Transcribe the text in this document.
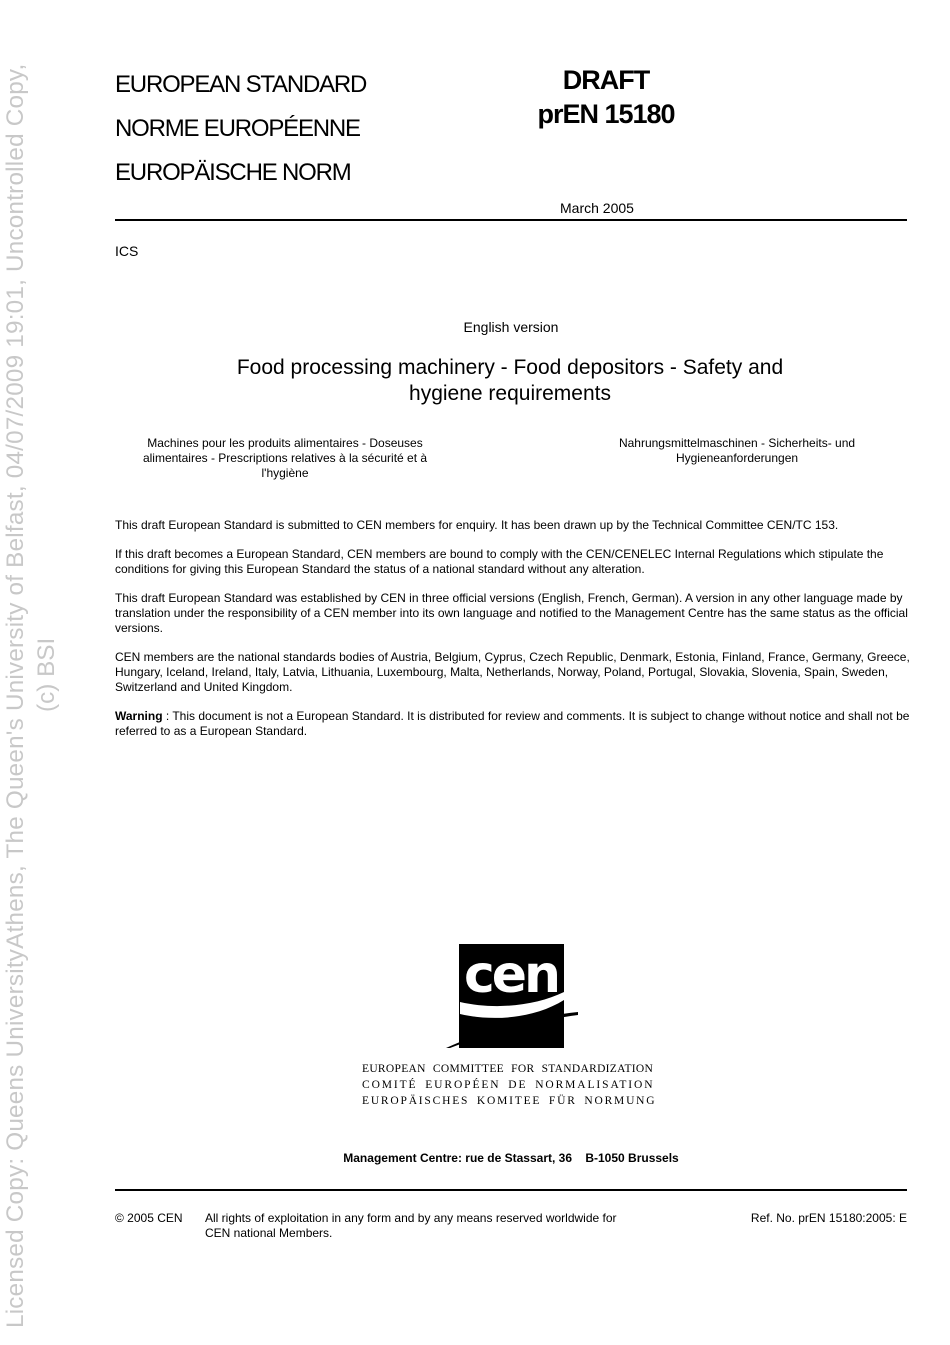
Licensed Copy: Queens UniversityAthens, The Queen's University of Belfast, 04/07/2009 19:01, Uncontrolled Copy, (c) BSI
EUROPEAN STANDARD
NORME EUROPÉENNE
EUROPÄISCHE NORM
DRAFT
prEN 15180
March 2005
ICS
English version
Food processing machinery - Food depositors - Safety and hygiene requirements
Machines pour les produits alimentaires - Doseuses alimentaires - Prescriptions relatives à la sécurité et à l'hygiène
Nahrungsmittelmaschinen - Sicherheits- und Hygieneanforderungen

This draft European Standard is submitted to CEN members for enquiry. It has been drawn up by the Technical Committee CEN/TC 153.

If this draft becomes a European Standard, CEN members are bound to comply with the CEN/CENELEC Internal Regulations which stipulate the conditions for giving this European Standard the status of a national standard without any alteration.

This draft European Standard was established by CEN in three official versions (English, French, German). A version in any other language made by translation under the responsibility of a CEN member into its own language and notified to the Management Centre has the same status as the official versions.

CEN members are the national standards bodies of Austria, Belgium, Cyprus, Czech Republic, Denmark, Estonia, Finland, France, Germany, Greece, Hungary, Iceland, Ireland, Italy, Latvia, Lithuania, Luxembourg, Malta, Netherlands, Norway, Poland, Portugal, Slovakia, Slovenia, Spain, Sweden, Switzerland and United Kingdom.

Warning : This document is not a European Standard. It is distributed for review and comments. It is subject to change without notice and shall not be referred to as a European Standard.

cen
EUROPEAN COMMITTEE FOR STANDARDIZATION
COMITÉ EUROPÉEN DE NORMALISATION
EUROPÄISCHES KOMITEE FÜR NORMUNG
Management Centre: rue de Stassart, 36    B-1050 Brussels
© 2005 CEN All rights of exploitation in any form and by any means reserved worldwide for CEN national Members.
Ref. No. prEN 15180:2005: E
